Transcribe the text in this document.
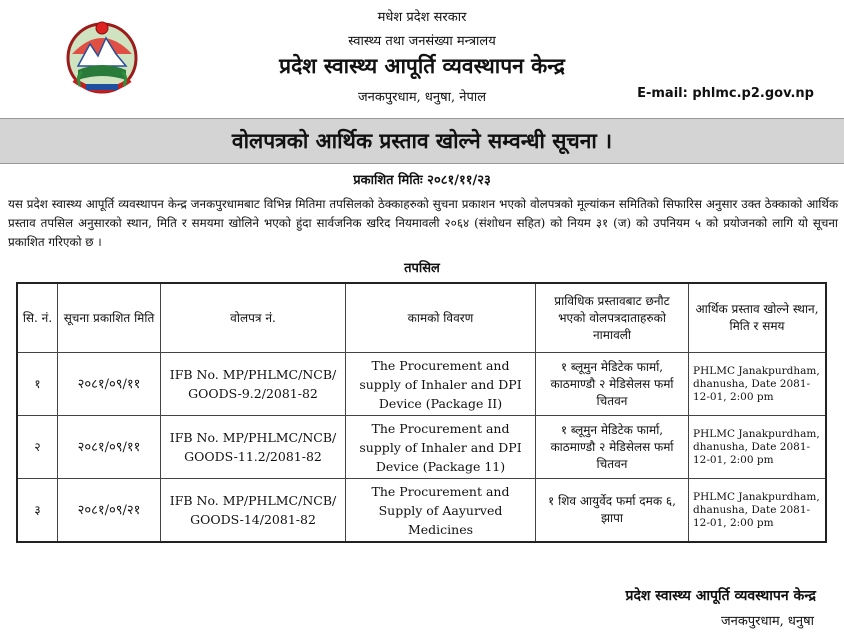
मधेश प्रदेश सरकार
स्वास्थ्य तथा जनसंख्या मन्त्रालय
प्रदेश स्वास्थ्य आपूर्ति व्यवस्थापन केन्द्र
जनकपुरधाम, धनुषा, नेपाल	E-mail: phlmc.p2.gov.np
वोलपत्रको आर्थिक प्रस्ताव खोल्ने सम्वन्धी सूचना ।
प्रकाशित मितिः २०८१/११/२३
यस प्रदेश स्वास्थ्य आपूर्ति व्यवस्थापन केन्द्र जनकपुरधामबाट विभिन्न मितिमा तपसिलको ठेक्काहरुको सुचना प्रकाशन भएको वोलपत्रको मूल्यांकन समितिको सिफारिस अनुसार उक्त ठेक्काको आर्थिक प्रस्ताव तपसिल अनुसारको स्थान, मिति र समयमा खोलिने भएको हुंदा सार्वजनिक खरिद नियमावली २०६४ (संशोधन सहित) को नियम ३१ (ज) को उपनियम ५ को प्रयोजनको लागि यो सूचना प्रकाशित गरिएको छ ।
तपसिल
सि. नं.	सूचना प्रकाशित मिति	वोलपत्र नं.	कामको विवरण	प्राविधिक प्रस्तावबाट छनौट भएको वोलपत्रदाताहरुको नामावली	आर्थिक प्रस्ताव खोल्ने स्थान, मिति र समय
१	२०८१/०९/११	IFB No. MP/PHLMC/NCB/ GOODS-9.2/2081-82	The Procurement and supply of Inhaler and DPI Device (Package II)	१ ब्लूमुन मेडिटेक फार्मा, काठमाण्डौ २ मेडिसेलस फर्मा चितवन	PHLMC Janakpurdham, dhanusha, Date 2081-12-01, 2:00 pm
२	२०८१/०९/११	IFB No. MP/PHLMC/NCB/ GOODS-11.2/2081-82	The Procurement and supply of Inhaler and DPI Device (Package 11)	१ ब्लूमुन मेडिटेक फार्मा, काठमाण्डौ २ मेडिसेलस फर्मा चितवन	PHLMC Janakpurdham, dhanusha, Date 2081-12-01, 2:00 pm
३	२०८१/०९/२१	IFB No. MP/PHLMC/NCB/ GOODS-14/2081-82	The Procurement and Supply of Aayurved Medicines	१ शिव आयुर्वेद फर्मा दमक ६, झापा	PHLMC Janakpurdham, dhanusha, Date 2081-12-01, 2:00 pm
प्रदेश स्वास्थ्य आपूर्ति व्यवस्थापन केन्द्र
जनकपुरधाम, धनुषा
